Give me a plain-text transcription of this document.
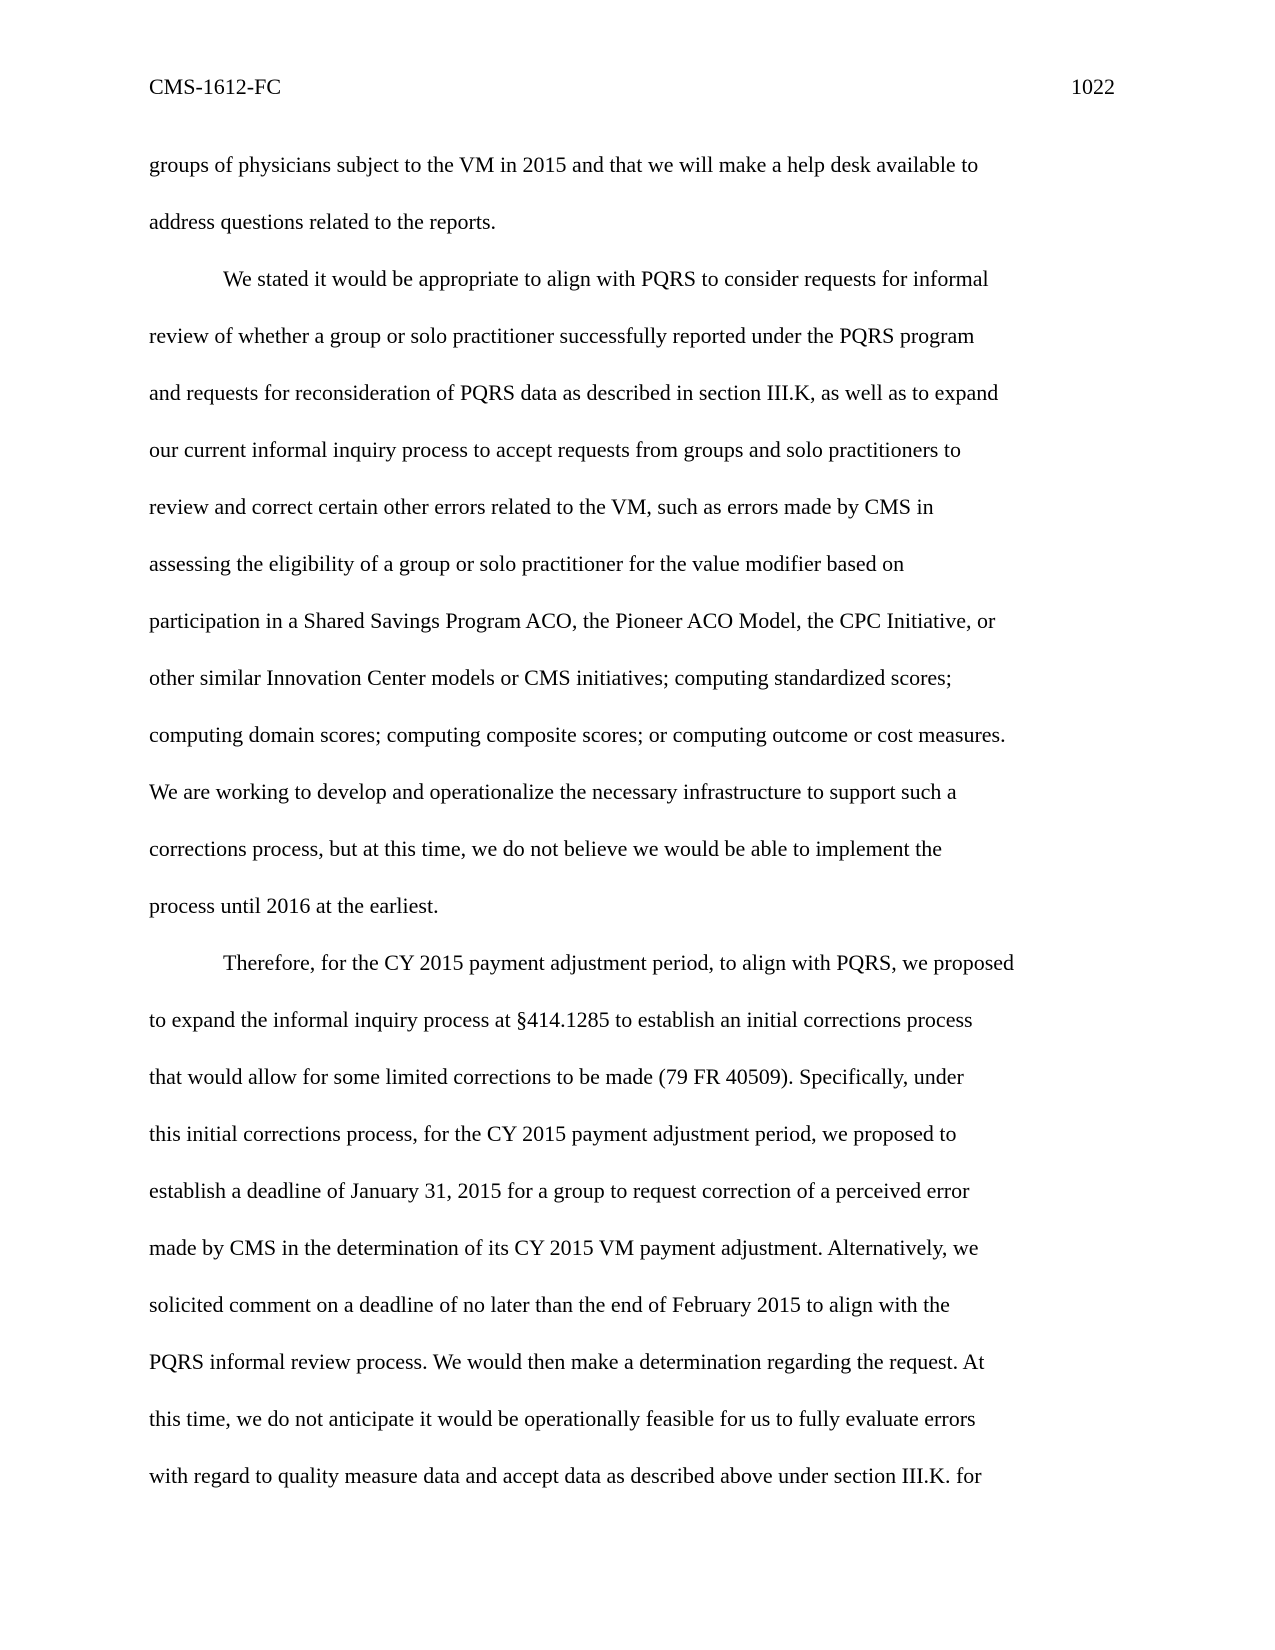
CMS-1612-FC	1022
groups of physicians subject to the VM in 2015 and that we will make a help desk available to
address questions related to the reports.
We stated it would be appropriate to align with PQRS to consider requests for informal
review of whether a group or solo practitioner successfully reported under the PQRS program
and requests for reconsideration of PQRS data as described in section III.K, as well as to expand
our current informal inquiry process to accept requests from groups and solo practitioners to
review and correct certain other errors related to the VM, such as errors made by CMS in
assessing the eligibility of a group or solo practitioner for the value modifier based on
participation in a Shared Savings Program ACO, the Pioneer ACO Model, the CPC Initiative, or
other similar Innovation Center models or CMS initiatives; computing standardized scores;
computing domain scores; computing composite scores; or computing outcome or cost measures.
We are working to develop and operationalize the necessary infrastructure to support such a
corrections process, but at this time, we do not believe we would be able to implement the
process until 2016 at the earliest.
Therefore, for the CY 2015 payment adjustment period, to align with PQRS, we proposed
to expand the informal inquiry process at §414.1285 to establish an initial corrections process
that would allow for some limited corrections to be made (79 FR 40509). Specifically, under
this initial corrections process, for the CY 2015 payment adjustment period, we proposed to
establish a deadline of January 31, 2015 for a group to request correction of a perceived error
made by CMS in the determination of its CY 2015 VM payment adjustment. Alternatively, we
solicited comment on a deadline of no later than the end of February 2015 to align with the
PQRS informal review process. We would then make a determination regarding the request. At
this time, we do not anticipate it would be operationally feasible for us to fully evaluate errors
with regard to quality measure data and accept data as described above under section III.K. for
